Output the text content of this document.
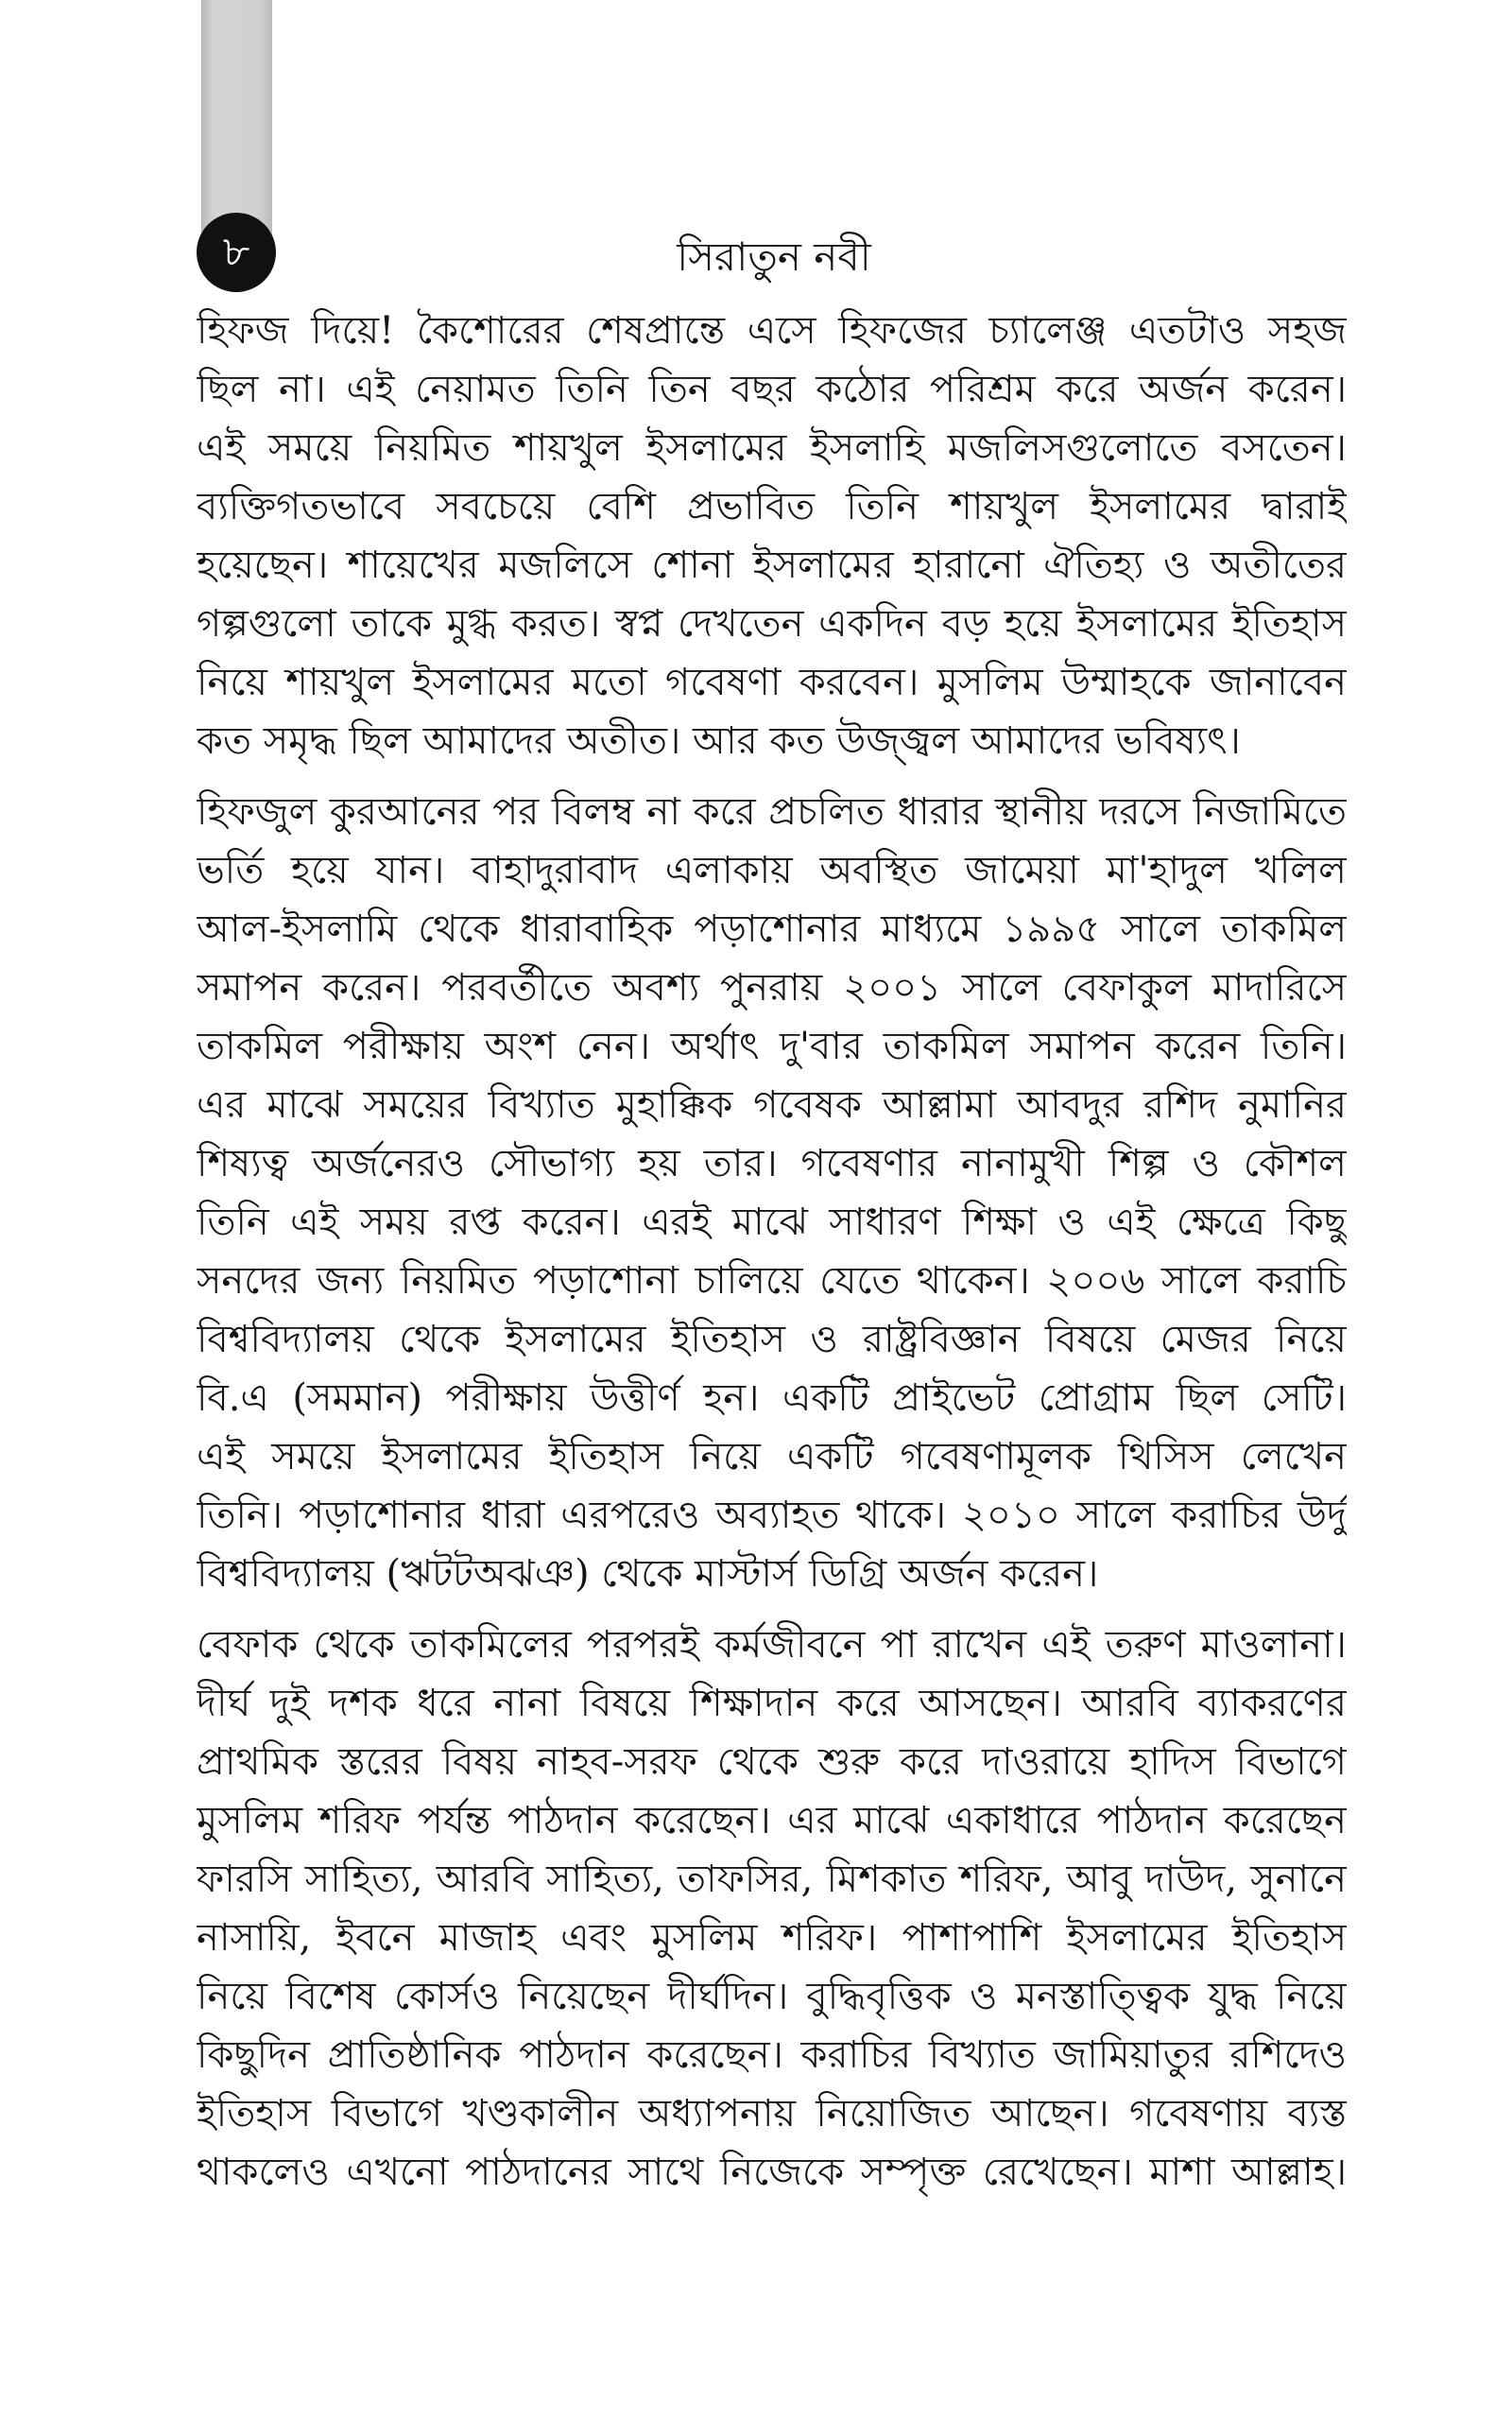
৮	সিরাতুন নবী
হিফজ দিয়ে! কৈশোরের শেষপ্রান্তে এসে হিফজের চ্যালেঞ্জ এতটাও সহজ
ছিল না। এই নেয়ামত তিনি তিন বছর কঠোর পরিশ্রম করে অর্জন করেন।
এই সময়ে নিয়মিত শায়খুল ইসলামের ইসলাহি মজলিসগুলোতে বসতেন।
ব্যক্তিগতভাবে সবচেয়ে বেশি প্রভাবিত তিনি শায়খুল ইসলামের দ্বারাই
হয়েছেন। শায়েখের মজলিসে শোনা ইসলামের হারানো ঐতিহ্য ও অতীতের
গল্পগুলো তাকে মুগ্ধ করত। স্বপ্ন দেখতেন একদিন বড় হয়ে ইসলামের ইতিহাস
নিয়ে শায়খুল ইসলামের মতো গবেষণা করবেন। মুসলিম উম্মাহকে জানাবেন
কত সমৃদ্ধ ছিল আমাদের অতীত। আর কত উজ্জ্বল আমাদের ভবিষ্যৎ।
হিফজুল কুরআনের পর বিলম্ব না করে প্রচলিত ধারার স্থানীয় দরসে নিজামিতে
ভর্তি হয়ে যান। বাহাদুরাবাদ এলাকায় অবস্থিত জামেয়া মা'হাদুল খলিল
আল-ইসলামি থেকে ধারাবাহিক পড়াশোনার মাধ্যমে ১৯৯৫ সালে তাকমিল
সমাপন করেন। পরবর্তীতে অবশ্য পুনরায় ২০০১ সালে বেফাকুল মাদারিসে
তাকমিল পরীক্ষায় অংশ নেন। অর্থাৎ দু'বার তাকমিল সমাপন করেন তিনি।
এর মাঝে সময়ের বিখ্যাত মুহাক্কিক গবেষক আল্লামা আবদুর রশিদ নুমানির
শিষ্যত্ব অর্জনেরও সৌভাগ্য হয় তার। গবেষণার নানামুখী শিল্প ও কৌশল
তিনি এই সময় রপ্ত করেন। এরই মাঝে সাধারণ শিক্ষা ও এই ক্ষেত্রে কিছু
সনদের জন্য নিয়মিত পড়াশোনা চালিয়ে যেতে থাকেন। ২০০৬ সালে করাচি
বিশ্ববিদ্যালয় থেকে ইসলামের ইতিহাস ও রাষ্ট্রবিজ্ঞান বিষয়ে মেজর নিয়ে
বি.এ (সমমান) পরীক্ষায় উত্তীর্ণ হন। একটি প্রাইভেট প্রোগ্রাম ছিল সেটি।
এই সময়ে ইসলামের ইতিহাস নিয়ে একটি গবেষণামূলক থিসিস লেখেন
তিনি। পড়াশোনার ধারা এরপরেও অব্যাহত থাকে। ২০১০ সালে করাচির উর্দু
বিশ্ববিদ্যালয় (ঋটটঅঝঞ) থেকে মাস্টার্স ডিগ্রি অর্জন করেন।
বেফাক থেকে তাকমিলের পরপরই কর্মজীবনে পা রাখেন এই তরুণ মাওলানা।
দীর্ঘ দুই দশক ধরে নানা বিষয়ে শিক্ষাদান করে আসছেন। আরবি ব্যাকরণের
প্রাথমিক স্তরের বিষয় নাহব-সরফ থেকে শুরু করে দাওরায়ে হাদিস বিভাগে
মুসলিম শরিফ পর্যন্ত পাঠদান করেছেন। এর মাঝে একাধারে পাঠদান করেছেন
ফারসি সাহিত্য, আরবি সাহিত্য, তাফসির, মিশকাত শরিফ, আবু দাউদ, সুনানে
নাসায়ি, ইবনে মাজাহ এবং মুসলিম শরিফ। পাশাপাশি ইসলামের ইতিহাস
নিয়ে বিশেষ কোর্সও নিয়েছেন দীর্ঘদিন। বুদ্ধিবৃত্তিক ও মনস্তাত্ত্বিক যুদ্ধ নিয়ে
কিছুদিন প্রাতিষ্ঠানিক পাঠদান করেছেন। করাচির বিখ্যাত জামিয়াতুর রশিদেও
ইতিহাস বিভাগে খণ্ডকালীন অধ্যাপনায় নিয়োজিত আছেন। গবেষণায় ব্যস্ত
থাকলেও এখনো পাঠদানের সাথে নিজেকে সম্পৃক্ত রেখেছেন। মাশা আল্লাহ।
